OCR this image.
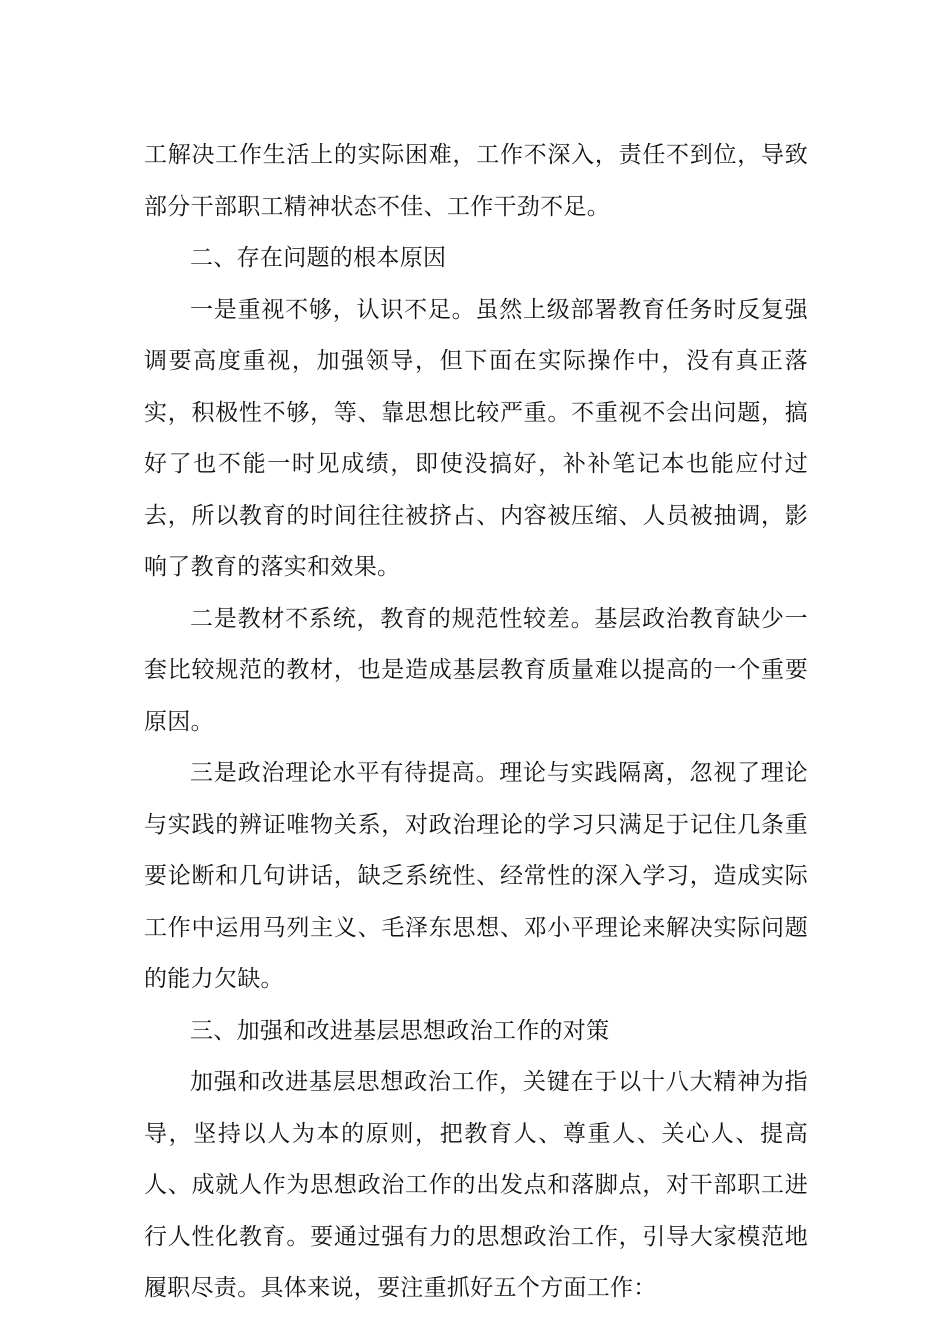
工解决工作生活上的实际困难，工作不深入，责任不到位，导致部分干部职工精神状态不佳、工作干劲不足。

二、存在问题的根本原因

一是重视不够，认识不足。虽然上级部署教育任务时反复强调要高度重视，加强领导，但下面在实际操作中，没有真正落实，积极性不够，等、靠思想比较严重。不重视不会出问题，搞好了也不能一时见成绩，即使没搞好，补补笔记本也能应付过去，所以教育的时间往往被挤占、内容被压缩、人员被抽调，影响了教育的落实和效果。

二是教材不系统，教育的规范性较差。基层政治教育缺少一套比较规范的教材，也是造成基层教育质量难以提高的一个重要原因。

三是政治理论水平有待提高。理论与实践隔离，忽视了理论与实践的辨证唯物关系，对政治理论的学习只满足于记住几条重要论断和几句讲话，缺乏系统性、经常性的深入学习，造成实际工作中运用马列主义、毛泽东思想、邓小平理论来解决实际问题的能力欠缺。

三、加强和改进基层思想政治工作的对策

加强和改进基层思想政治工作，关键在于以十八大精神为指导，坚持以人为本的原则，把教育人、尊重人、关心人、提高人、成就人作为思想政治工作的出发点和落脚点，对干部职工进行人性化教育。要通过强有力的思想政治工作，引导大家模范地履职尽责。具体来说，要注重抓好五个方面工作：
